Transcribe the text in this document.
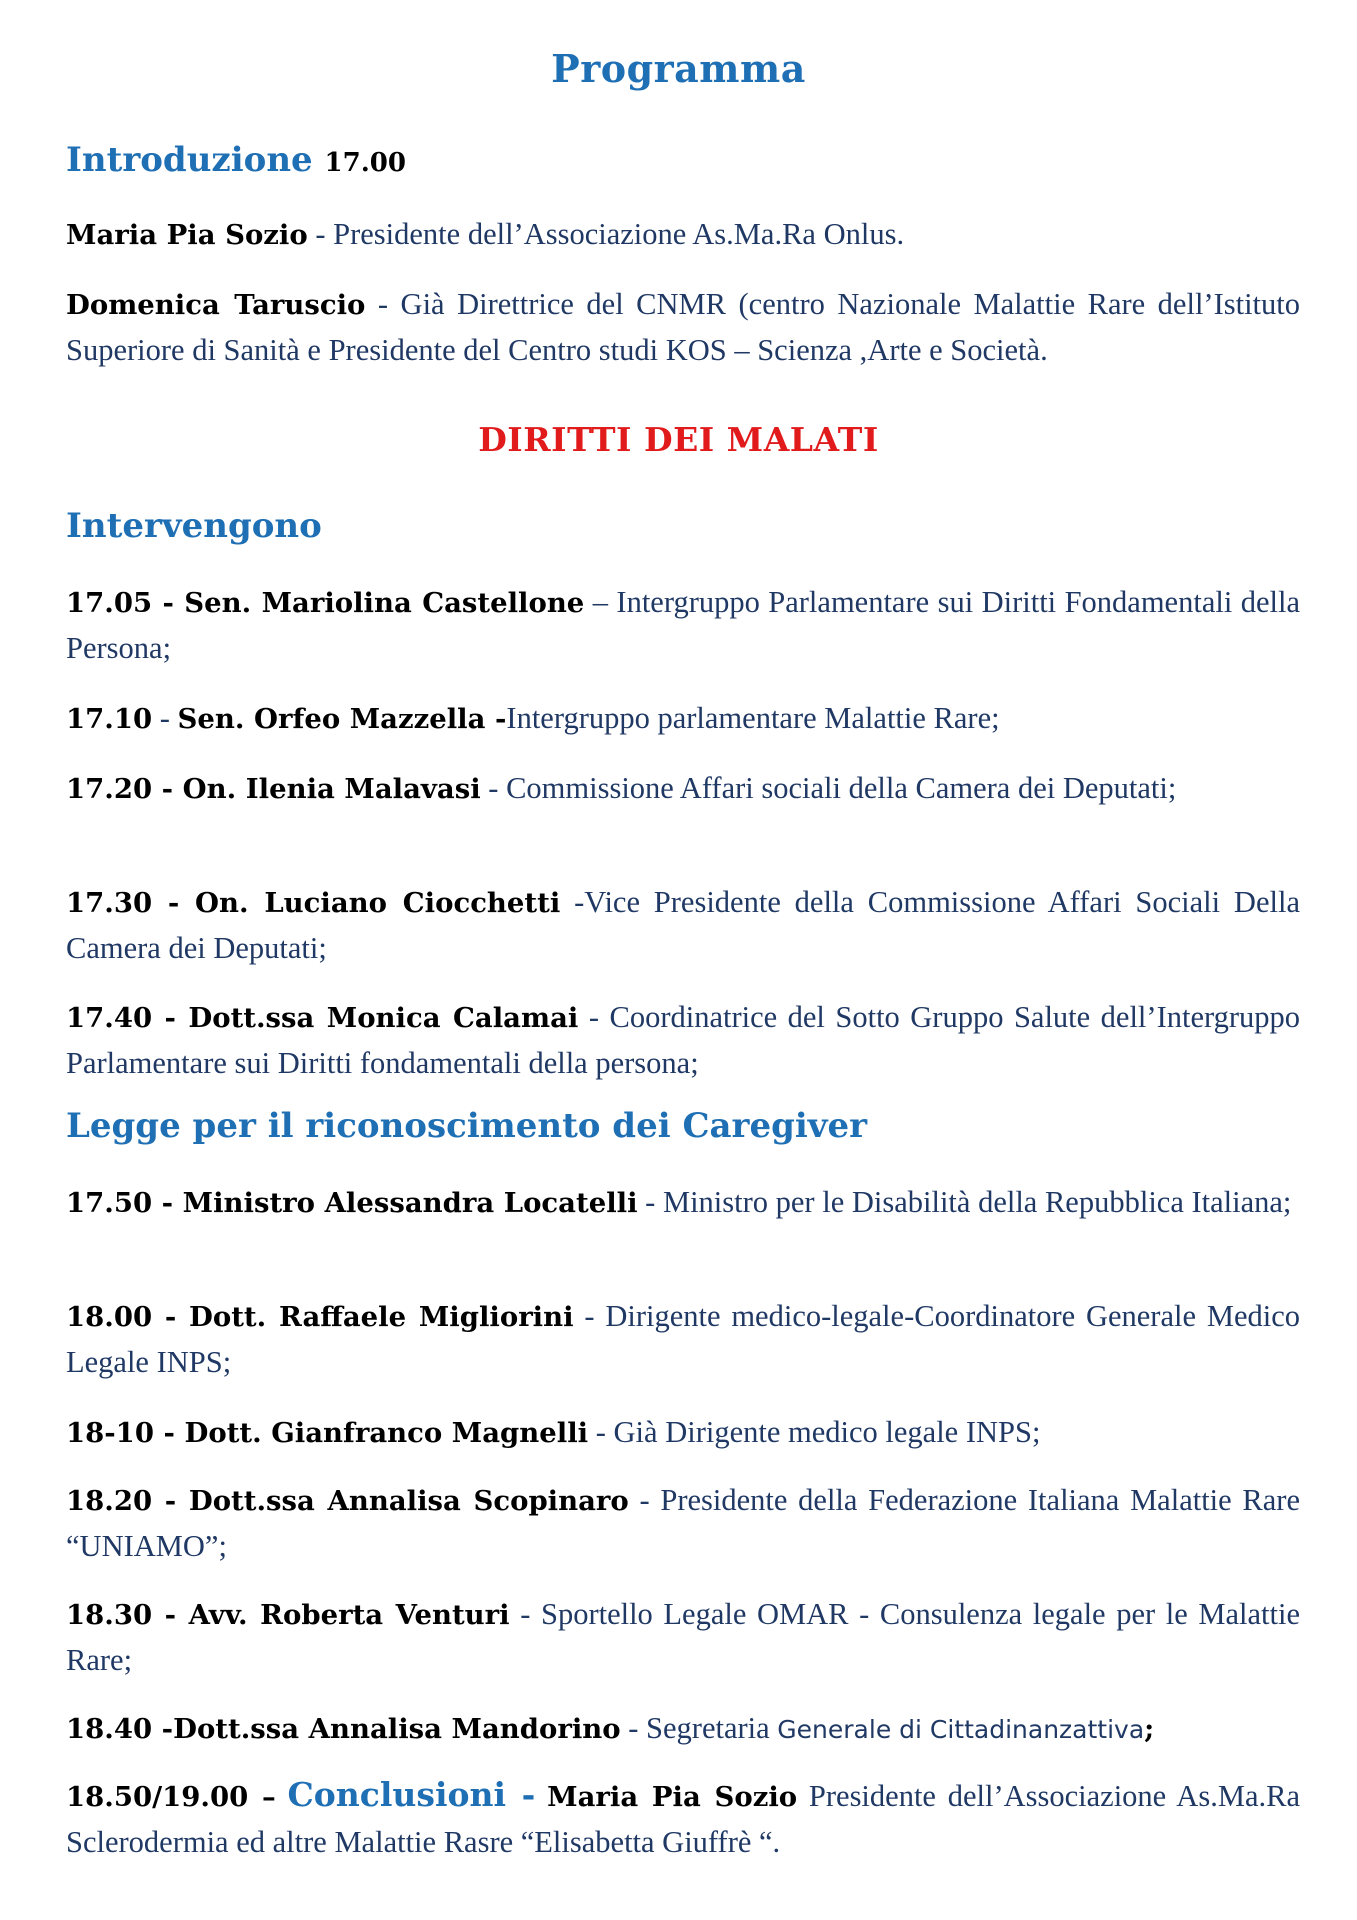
Programma
Introduzione 17.00
Maria Pia Sozio - Presidente dell’Associazione As.Ma.Ra Onlus.
Domenica Taruscio - Già Direttrice del CNMR (centro Nazionale Malattie Rare dell’Istituto Superiore di Sanità e Presidente del Centro studi KOS – Scienza ,Arte e Società.
DIRITTI DEI MALATI
Intervengono
17.05 - Sen. Mariolina Castellone – Intergruppo Parlamentare sui Diritti Fondamentali della Persona;
17.10 - Sen. Orfeo Mazzella -Intergruppo parlamentare Malattie Rare;
17.20 - On. Ilenia Malavasi - Commissione Affari sociali della Camera dei Deputati;
17.30 - On. Luciano Ciocchetti -Vice Presidente della Commissione Affari Sociali Della Camera dei Deputati;
17.40 - Dott.ssa Monica Calamai - Coordinatrice del Sotto Gruppo Salute dell’Intergruppo Parlamentare sui Diritti fondamentali della persona;
Legge per il riconoscimento dei Caregiver
17.50 - Ministro Alessandra Locatelli - Ministro per le Disabilità della Repubblica Italiana;
18.00 - Dott. Raffaele Migliorini - Dirigente medico-legale-Coordinatore Generale Medico Legale INPS;
18-10 - Dott. Gianfranco Magnelli - Già Dirigente medico legale INPS;
18.20 - Dott.ssa Annalisa Scopinaro - Presidente della Federazione Italiana Malattie Rare “UNIAMO”;
18.30 - Avv. Roberta Venturi - Sportello Legale OMAR - Consulenza legale per le Malattie Rare;
18.40 -Dott.ssa Annalisa Mandorino - Segretaria Generale di Cittadinanzattiva;
18.50/19.00 – Conclusioni - Maria Pia Sozio Presidente dell’Associazione As.Ma.Ra Sclerodermia ed altre Malattie Rasre “Elisabetta Giuffrè “.
